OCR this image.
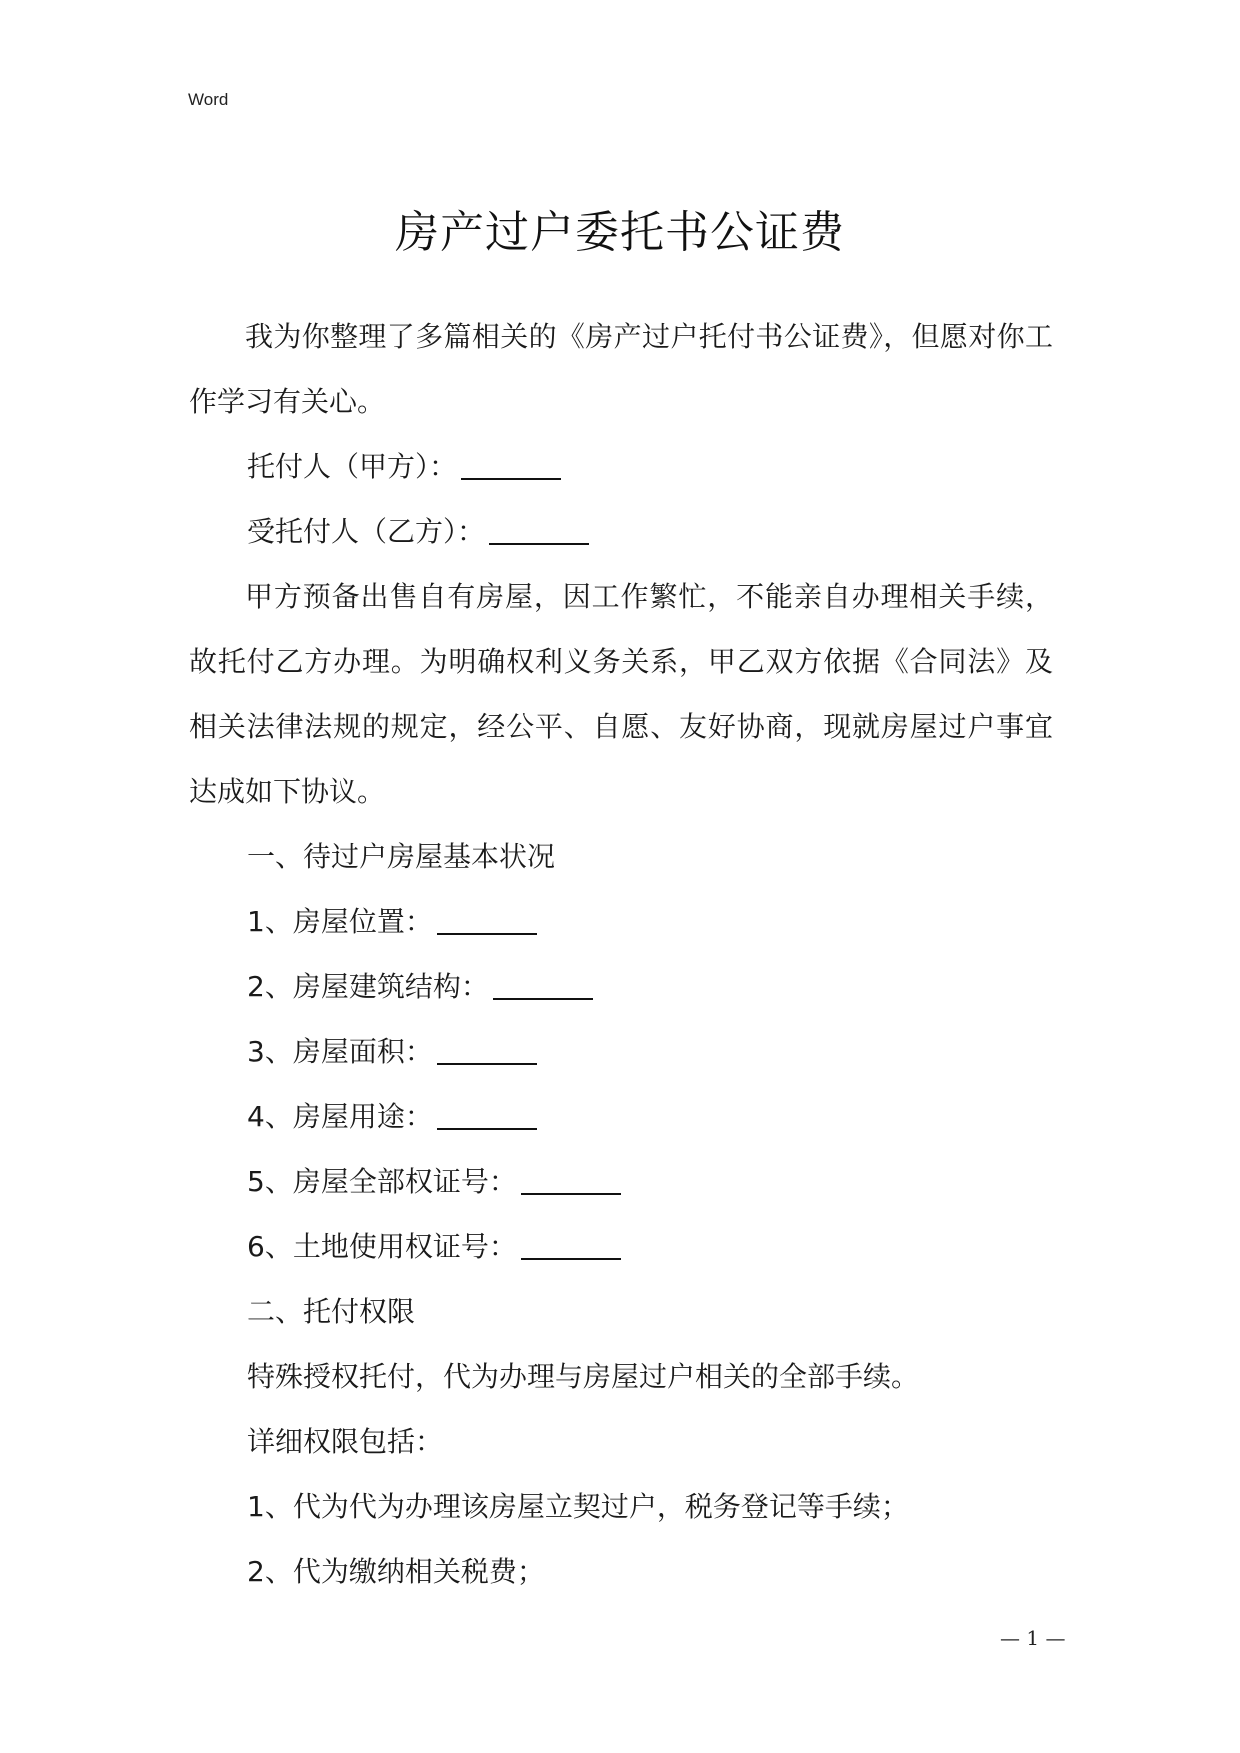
Word
房产过户委托书公证费

我为你整理了多篇相关的《房产过户托付书公证费》，但愿对你工作学习有关心。

托付人（甲方）：

受托付人（乙方）：

甲方预备出售自有房屋，因工作繁忙，不能亲自办理相关手续，故托付乙方办理。为明确权利义务关系，甲乙双方依据《合同法》及相关法律法规的规定，经公平、自愿、友好协商，现就房屋过户事宜达成如下协议。

一、待过户房屋基本状况

1、房屋位置：

2、房屋建筑结构：

3、房屋面积：

4、房屋用途：

5、房屋全部权证号：

6、土地使用权证号：

二、托付权限

特殊授权托付，代为办理与房屋过户相关的全部手续。

详细权限包括：

1、代为代为办理该房屋立契过户，税务登记等手续；

2、代为缴纳相关税费；

— 1 —
